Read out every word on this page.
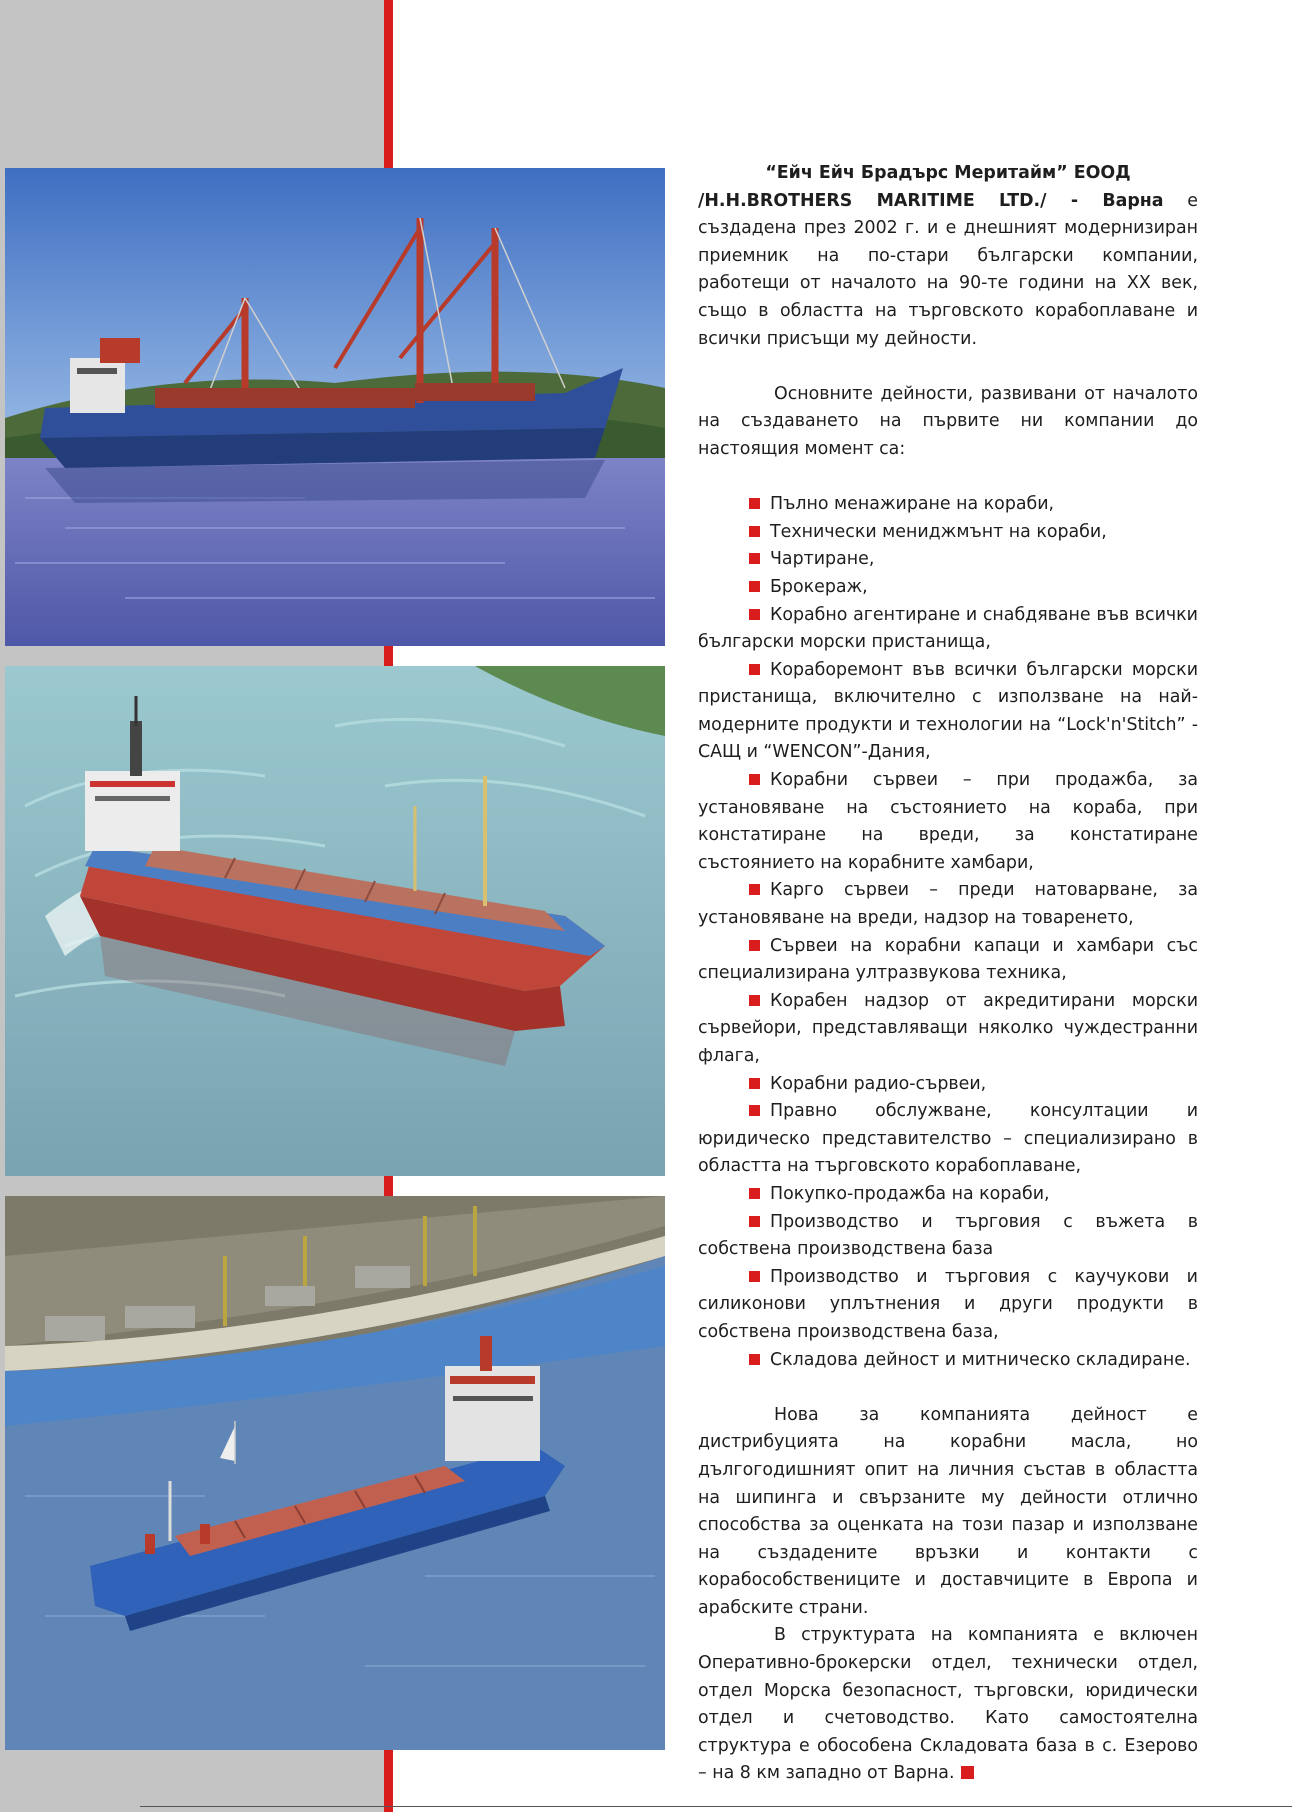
“Ейч Ейч Брадърс Меритайм” ЕООД

/H.H.BROTHERS MARITIME LTD./ - Варна е създадена през 2002 г. и е днешният модернизиран приемник на по-стари български компании, работещи от началото на 90-те години на XX век, също в областта на търговското корабоплаване и всички присъщи му дейности.

Основните дейности, развивани от началото на създаването на първите ни компании до настоящия момент са:

Пълно менажиране на кораби,
Технически мениджмънт на кораби,
Чартиране,
Брокераж,
Корабно агентиране и снабдяване във всички български морски пристанища,
Кораборемонт във всички български морски пристанища, включително с използване на най-модерните продукти и технологии на “Lock'n'Stitch” - САЩ и “WENCON”-Дания,
Корабни сървеи – при продажба, за установяване на състоянието на кораба, при констатиране на вреди, за констатиране състоянието на корабните хамбари,
Карго сървеи – преди натоварване, за установяване на вреди, надзор на товаренето,
Сървеи на корабни капаци и хамбари със специализирана ултразвукова техника,
Корабен надзор от акредитирани морски сървейори, представляващи няколко чуждестранни флага,
Корабни радио-сървеи,
Правно обслужване, консултации и юридическо представителство – специализирано в областта на търговското корабоплаване,
Покупко-продажба на кораби,
Производство и търговия с въжета в собствена производствена база
Производство и търговия с каучукови и силиконови уплътнения и други продукти в собствена производствена база,
Складова дейност и митническо складиране.

Нова за компанията дейност е дистрибуцията на корабни масла, но дългогодишният опит на личния състав в областта на шипинга и свързаните му дейности отлично способства за оценката на този пазар и използване на създадените връзки и контакти с корабособствениците и доставчиците в Европа и арабските страни.

В структурата на компанията е включен Оперативно-брокерски отдел, технически отдел, отдел Морска безопасност, търговски, юридически отдел и счетоводство. Като самостоятелна структура е обособена Складовата база в с. Езерово – на 8 км западно от Варна.
